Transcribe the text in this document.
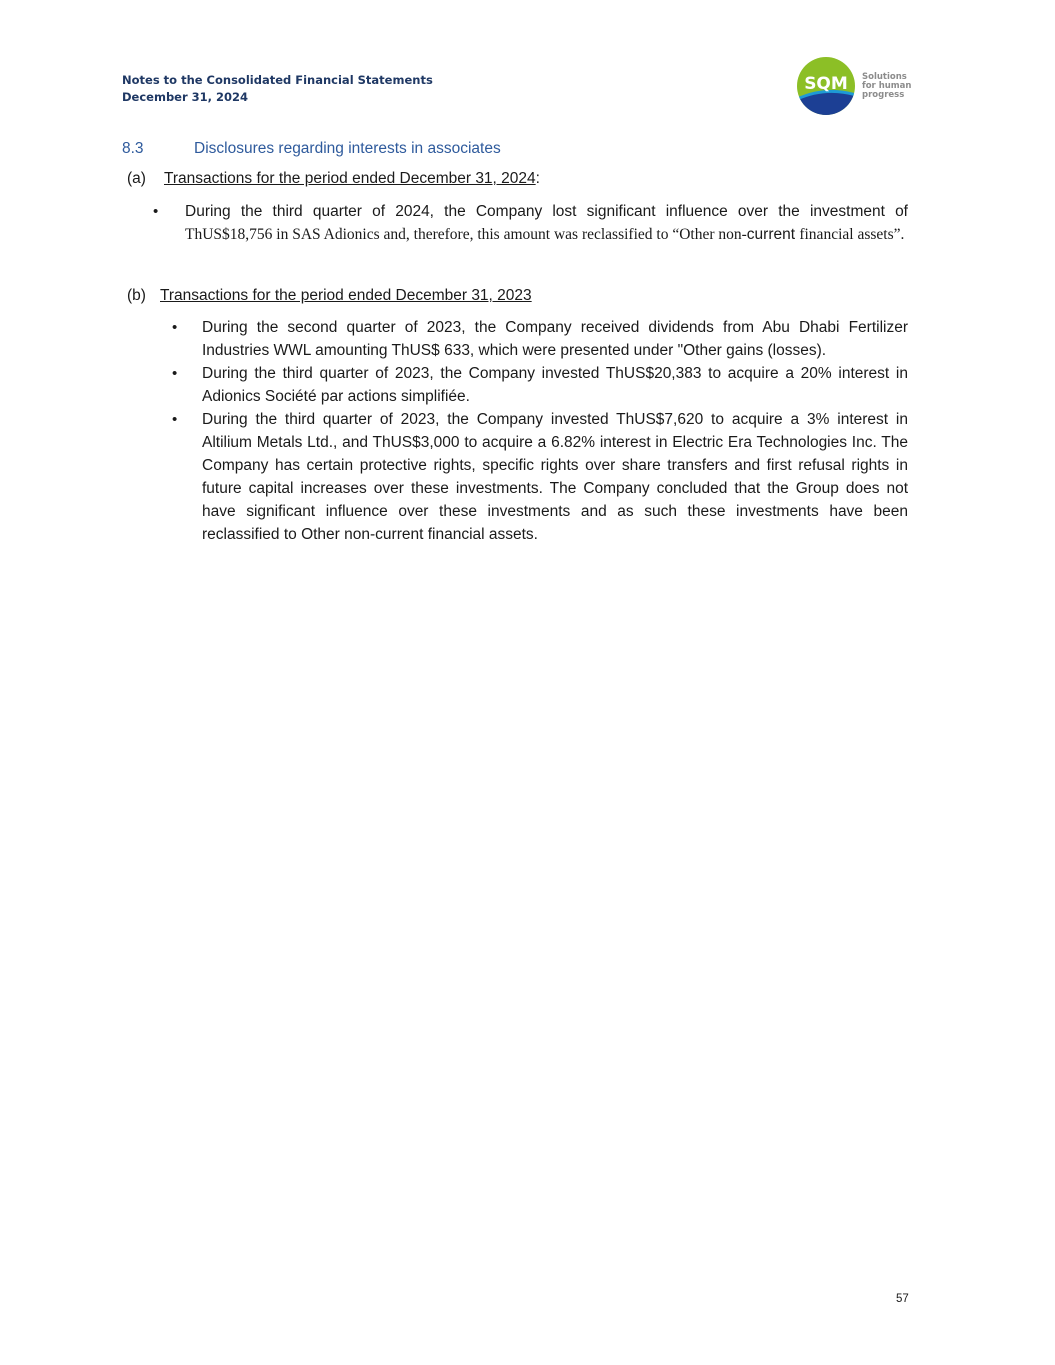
Notes to the Consolidated Financial Statements
December 31, 2024
SQM Solutions
for human
progress
8.3	Disclosures regarding interests in associates
(a) Transactions for the period ended December 31, 2024:
• During the third quarter of 2024, the Company lost significant influence over the investment of ThUS$18,756 in SAS Adionics and, therefore, this amount was reclassified to “Other non-current financial assets”.
(b) Transactions for the period ended December 31, 2023
• During the second quarter of 2023, the Company received dividends from Abu Dhabi Fertilizer Industries WWL amounting ThUS$ 633, which were presented under "Other gains (losses).
• During the third quarter of 2023, the Company invested ThUS$20,383 to acquire a 20% interest in Adionics Société par actions simplifiée.
• During the third quarter of 2023, the Company invested ThUS$7,620 to acquire a 3% interest in Altilium Metals Ltd., and ThUS$3,000 to acquire a 6.82% interest in Electric Era Technologies Inc. The Company has certain protective rights, specific rights over share transfers and first refusal rights in future capital increases over these investments. The Company concluded that the Group does not have significant influence over these investments and as such these investments have been reclassified to Other non-current financial assets.
57
